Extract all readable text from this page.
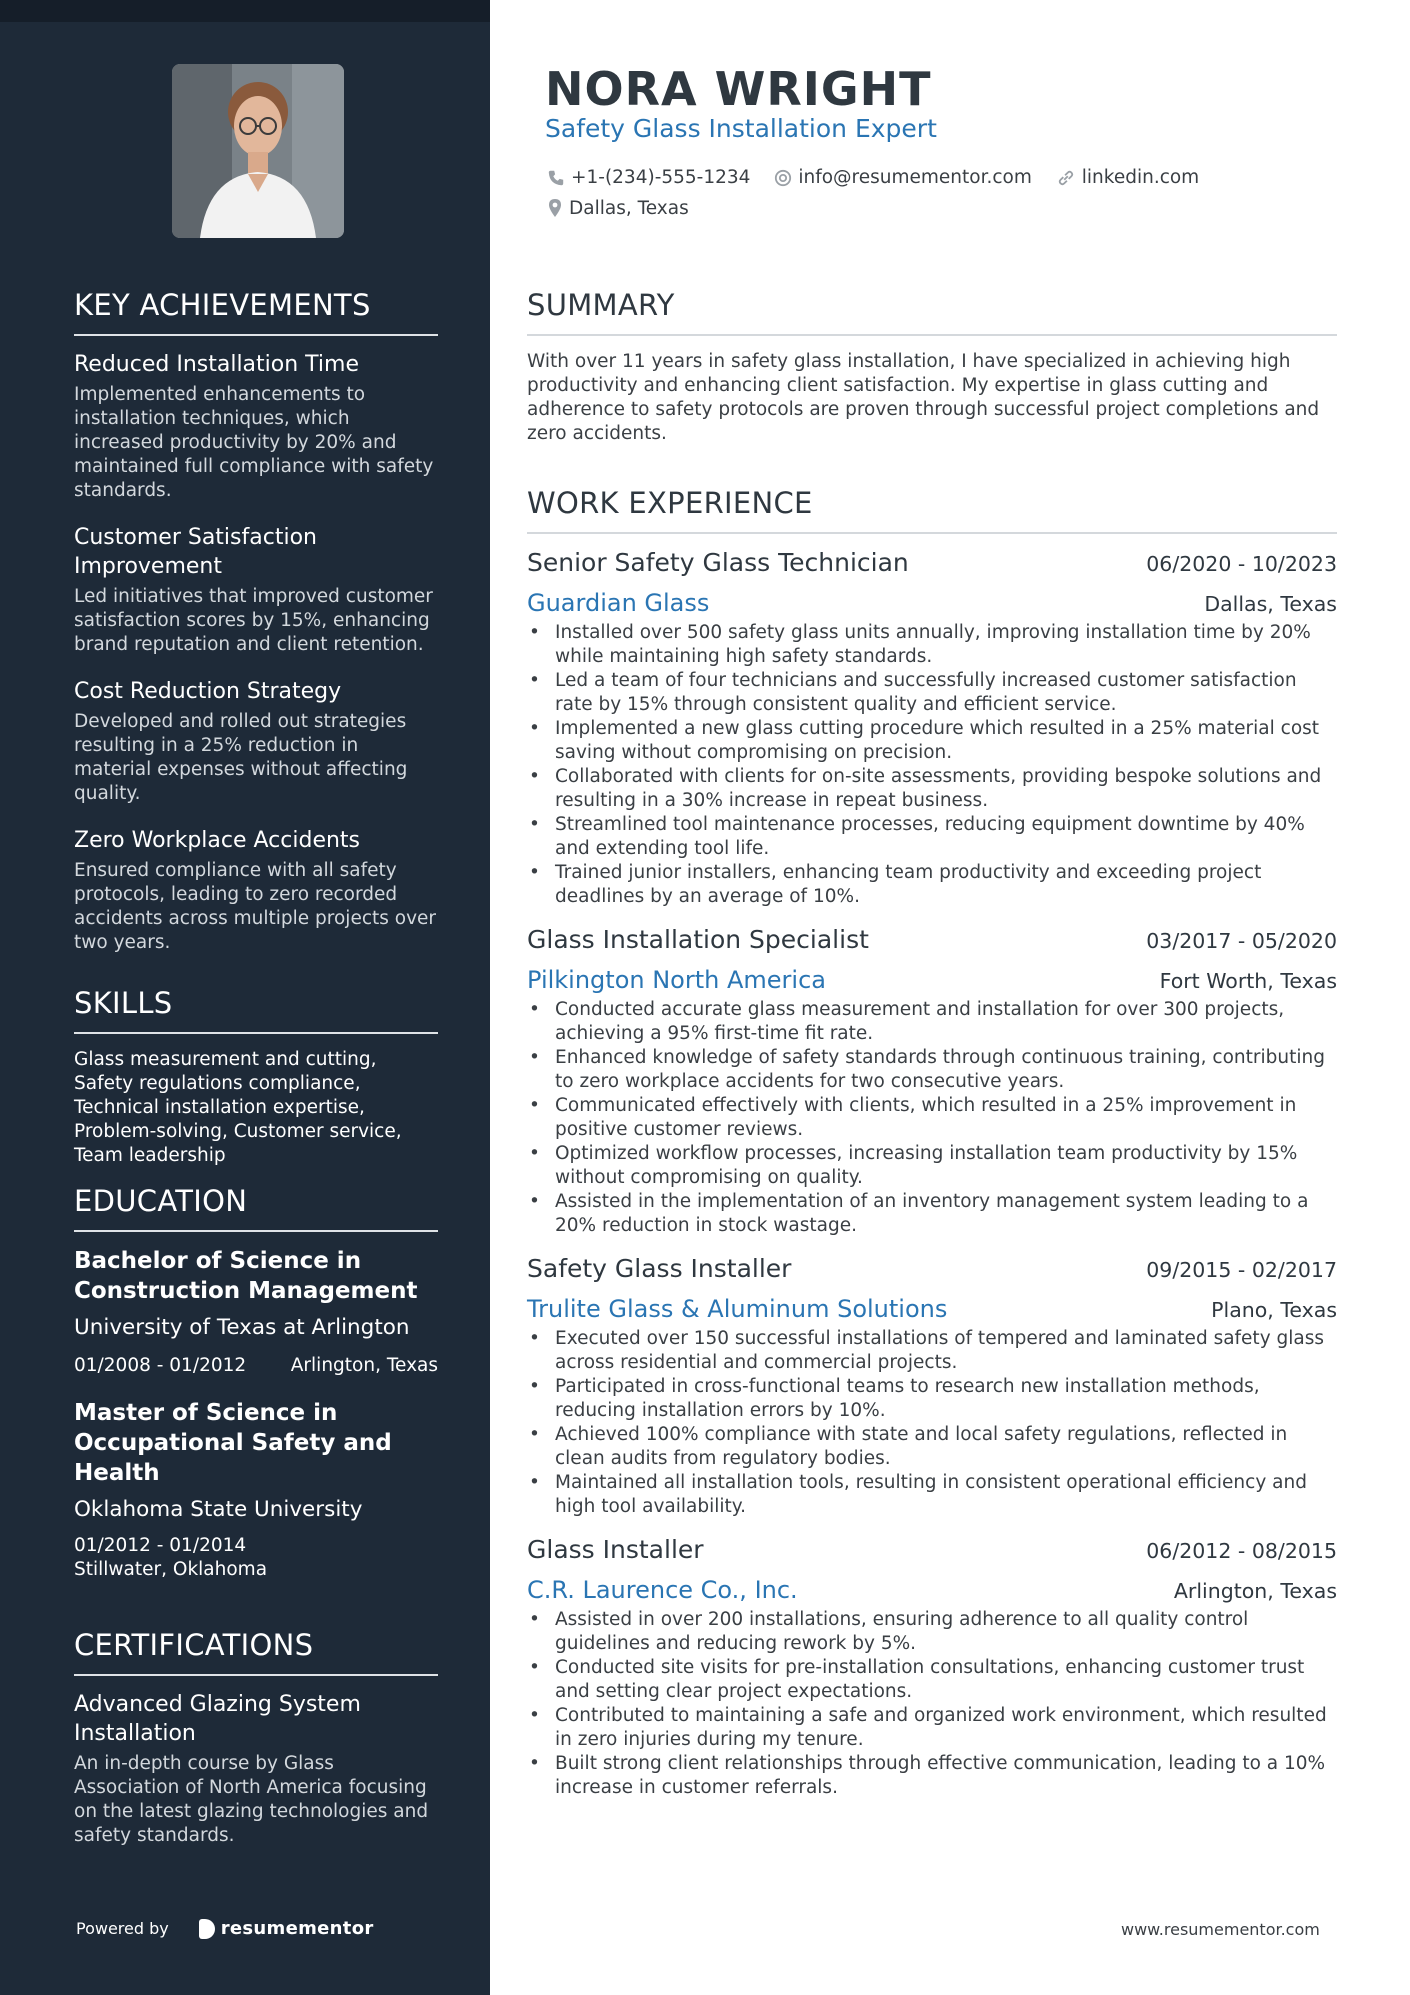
KEY ACHIEVEMENTS
Reduced Installation Time
Implemented enhancements to installation techniques, which increased productivity by 20% and maintained full compliance with safety standards.
Customer Satisfaction Improvement
Led initiatives that improved customer satisfaction scores by 15%, enhancing brand reputation and client retention.
Cost Reduction Strategy
Developed and rolled out strategies resulting in a 25% reduction in material expenses without affecting quality.
Zero Workplace Accidents
Ensured compliance with all safety protocols, leading to zero recorded accidents across multiple projects over two years.
SKILLS
Glass measurement and cutting, Safety regulations compliance, Technical installation expertise, Problem-solving, Customer service, Team leadership
EDUCATION
Bachelor of Science in Construction Management
University of Texas at Arlington
01/2008 - 01/2012 Arlington, Texas
Master of Science in Occupational Safety and Health
Oklahoma State University
01/2012 - 01/2014
Stillwater, Oklahoma
CERTIFICATIONS
Advanced Glazing System Installation
An in-depth course by Glass Association of North America focusing on the latest glazing technologies and safety standards.
Powered by	resumementor
NORA WRIGHT
Safety Glass Installation Expert
+1-(234)-555-1234
	info@resumementor.com
	linkedin.com

Dallas, Texas
SUMMARY
With over 11 years in safety glass installation, I have specialized in achieving high productivity and enhancing client satisfaction. My expertise in glass cutting and adherence to safety protocols are proven through successful project completions and zero accidents.
WORK EXPERIENCE
Senior Safety Glass Technician	06/2020 - 10/2023
Guardian Glass	Dallas, Texas
• Installed over 500 safety glass units annually, improving installation time by 20% while maintaining high safety standards.
• Led a team of four technicians and successfully increased customer satisfaction rate by 15% through consistent quality and efficient service.
• Implemented a new glass cutting procedure which resulted in a 25% material cost saving without compromising on precision.
• Collaborated with clients for on-site assessments, providing bespoke solutions and resulting in a 30% increase in repeat business.
• Streamlined tool maintenance processes, reducing equipment downtime by 40% and extending tool life.
• Trained junior installers, enhancing team productivity and exceeding project deadlines by an average of 10%.
Glass Installation Specialist	03/2017 - 05/2020
Pilkington North America	Fort Worth, Texas
• Conducted accurate glass measurement and installation for over 300 projects, achieving a 95% first-time fit rate.
• Enhanced knowledge of safety standards through continuous training, contributing to zero workplace accidents for two consecutive years.
• Communicated effectively with clients, which resulted in a 25% improvement in positive customer reviews.
• Optimized workflow processes, increasing installation team productivity by 15% without compromising on quality.
• Assisted in the implementation of an inventory management system leading to a 20% reduction in stock wastage.
Safety Glass Installer	09/2015 - 02/2017
Trulite Glass & Aluminum Solutions	Plano, Texas
• Executed over 150 successful installations of tempered and laminated safety glass across residential and commercial projects.
• Participated in cross-functional teams to research new installation methods, reducing installation errors by 10%.
• Achieved 100% compliance with state and local safety regulations, reflected in clean audits from regulatory bodies.
• Maintained all installation tools, resulting in consistent operational efficiency and high tool availability.
Glass Installer	06/2012 - 08/2015
C.R. Laurence Co., Inc.	Arlington, Texas
• Assisted in over 200 installations, ensuring adherence to all quality control guidelines and reducing rework by 5%.
• Conducted site visits for pre-installation consultations, enhancing customer trust and setting clear project expectations.
• Contributed to maintaining a safe and organized work environment, which resulted in zero injuries during my tenure.
• Built strong client relationships through effective communication, leading to a 10% increase in customer referrals.
www.resumementor.com
